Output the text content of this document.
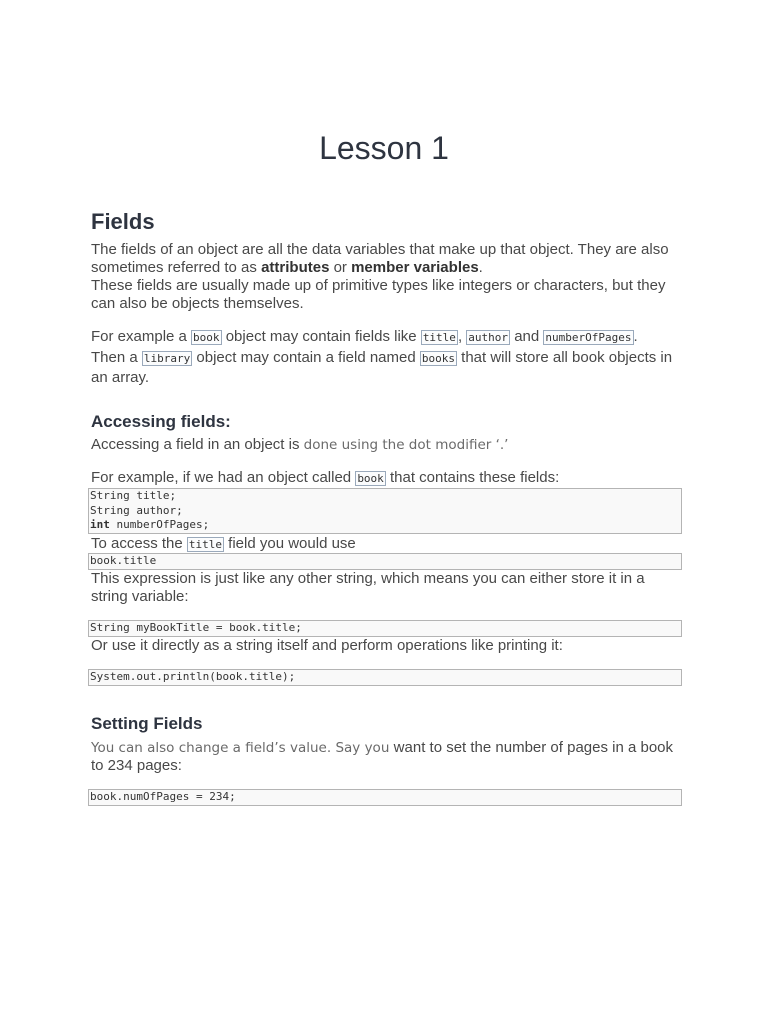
Lesson 1
Fields
The fields of an object are all the data variables that make up that object. They are also sometimes referred to as attributes or member variables.
These fields are usually made up of primitive types like integers or characters, but they can also be objects themselves.
For example a book object may contain fields like title , author and numberOfPages .
Then a library object may contain a field named books that will store all book objects in an array.
Accessing fields:
Accessing a field in an object is done using the dot modifier ‘.’
For example, if we had an object called book that contains these fields:
String title;
String author;
int numberOfPages;
To access the title field you would use
book.title
This expression is just like any other string, which means you can either store it in a string variable:
String myBookTitle = book.title;
Or use it directly as a string itself and perform operations like printing it:
System.out.println(book.title);
Setting Fields
You can also change a field’s value. Say you want to set the number of pages in a book to 234 pages:
book.numOfPages = 234;
